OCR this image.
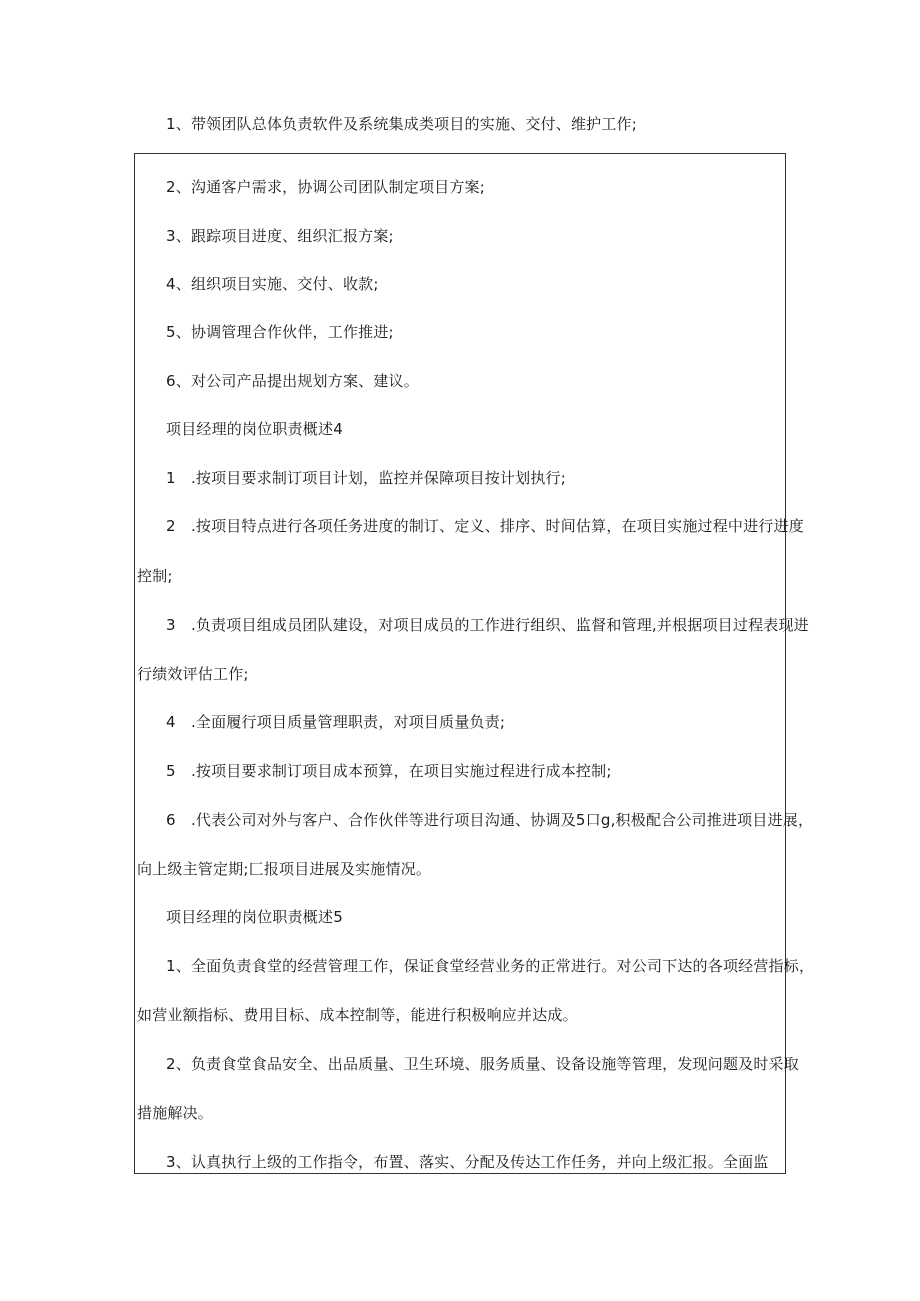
1、带领团队总体负责软件及系统集成类项目的实施、交付、维护工作;
2、沟通客户需求，协调公司团队制定项目方案;
3、跟踪项目进度、组织汇报方案;
4、组织项目实施、交付、收款;
5、协调管理合作伙伴，工作推进;
6、对公司产品提出规划方案、建议。
项目经理的岗位职责概述4
1　.按项目要求制订项目计划，监控并保障项目按计划执行;
2　.按项目特点进行各项任务进度的制订、定义、排序、时间估算，在项目实施过程中进行进度
控制;
3　.负责项目组成员团队建设，对项目成员的工作进行组织、监督和管理,并根据项目过程表现进
行绩效评估工作;
4　.全面履行项目质量管理职责，对项目质量负责;
5　.按项目要求制订项目成本预算，在项目实施过程进行成本控制;
6　.代表公司对外与客户、合作伙伴等进行项目沟通、协调及5口g,积极配合公司推进项目进展，
向上级主管定期;匚报项目进展及实施情况。
项目经理的岗位职责概述5
1、全面负责食堂的经营管理工作，保证食堂经营业务的正常进行。对公司下达的各项经营指标，
如营业额指标、费用目标、成本控制等，能进行积极响应并达成。
2、负责食堂食品安全、出品质量、卫生环境、服务质量、设备设施等管理，发现问题及时采取
措施解决。
3、认真执行上级的工作指令，布置、落实、分配及传达工作任务，并向上级汇报。全面监
